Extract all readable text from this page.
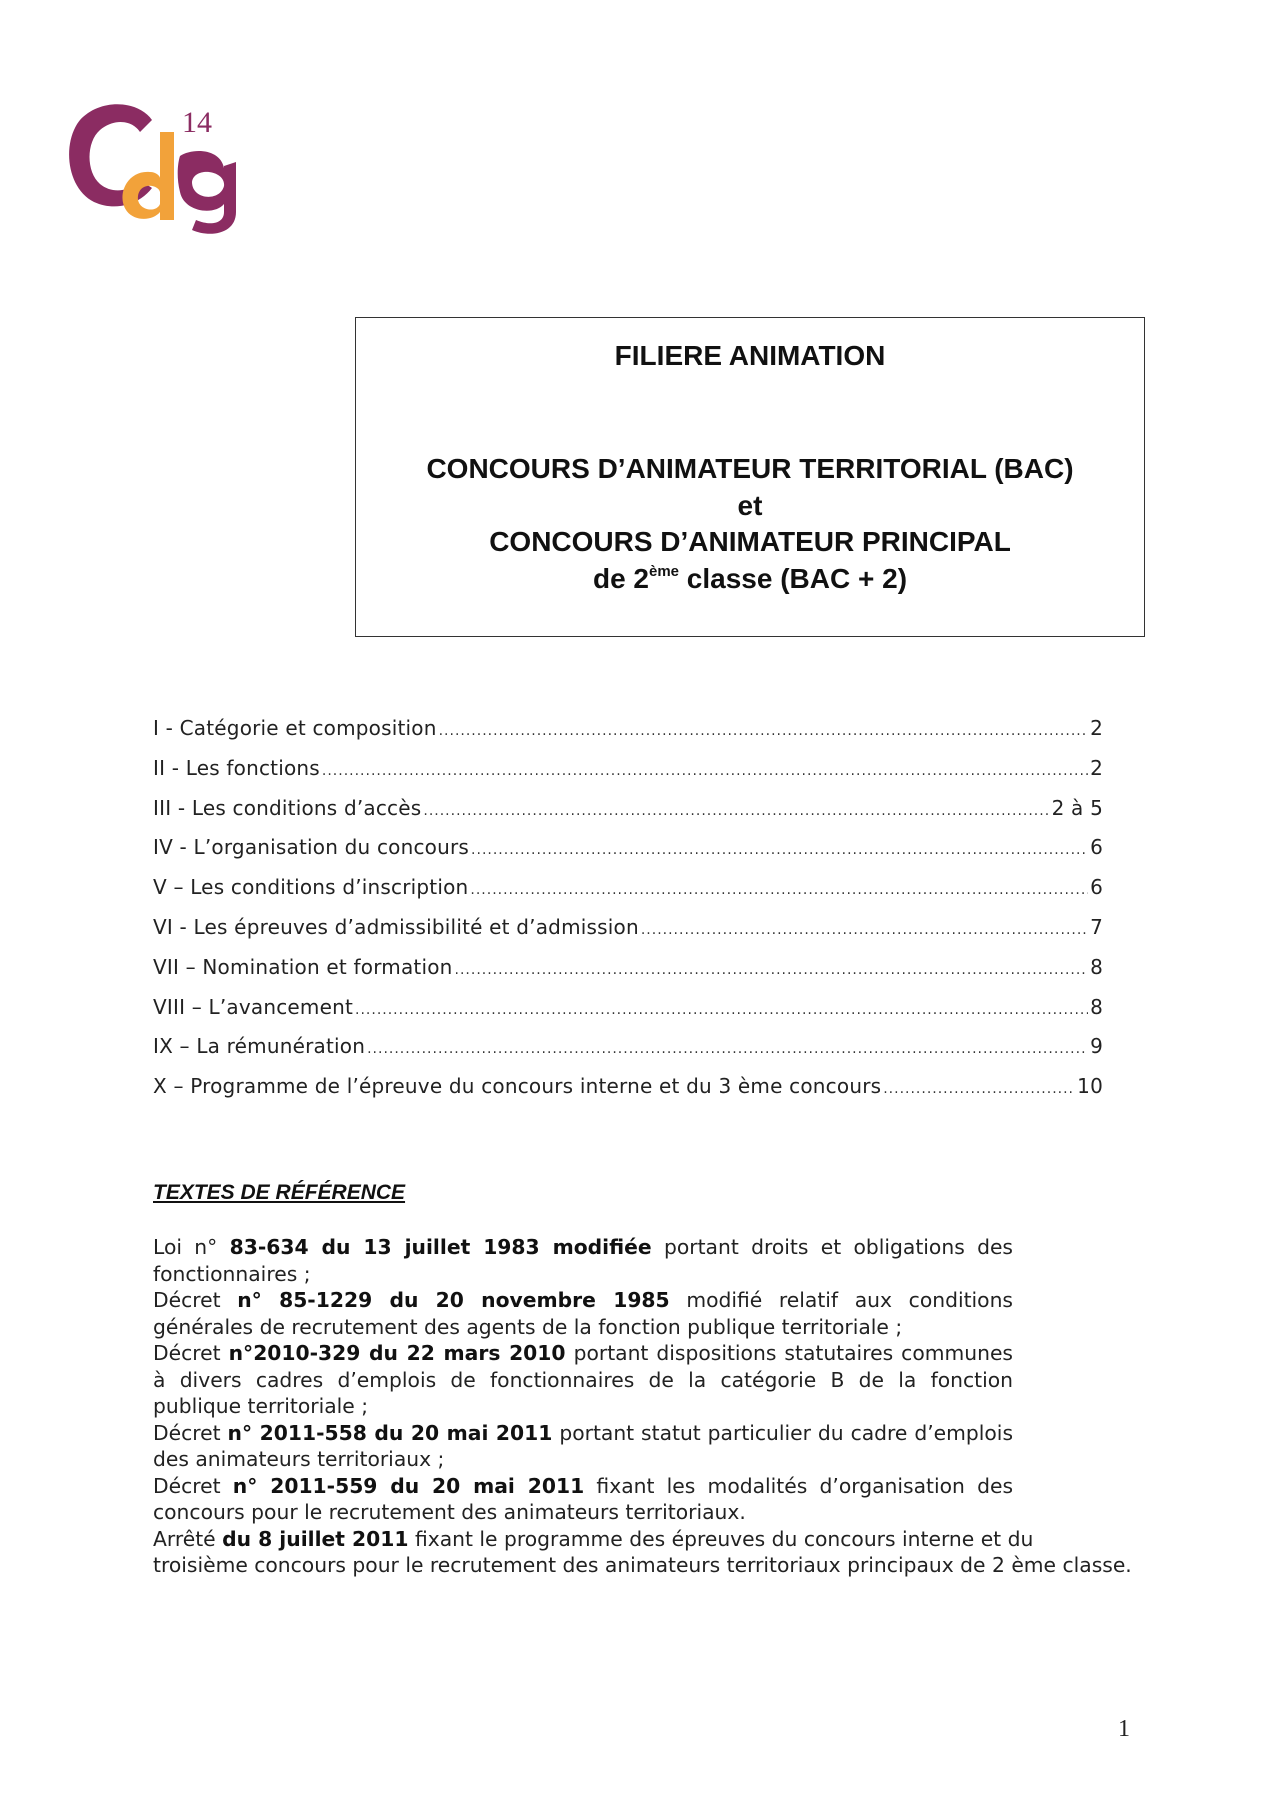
14
FILIERE ANIMATION
CONCOURS D’ANIMATEUR TERRITORIAL (BAC)
et
CONCOURS D’ANIMATEUR PRINCIPAL
de 2ème classe (BAC + 2)
I - Catégorie et composition .....	2
II - Les fonctions .....	2
III - Les conditions d’accès .....	2 à 5
IV - L’organisation du concours .....	6
V – Les conditions d’inscription .....	6
VI - Les épreuves d’admissibilité et d’admission .....	7
VII – Nomination et formation .....	8
VIII – L’avancement .....	8
IX – La rémunération .....	9
X – Programme de l’épreuve du concours interne et du 3 ème concours .....	10
TEXTES DE RÉFÉRENCE

Loi n° 83-634 du 13 juillet 1983 modifiée portant droits et obligations des fonctionnaires ;

Décret n° 85-1229 du 20 novembre 1985 modifié relatif aux conditions générales de recrutement des agents de la fonction publique territoriale ;

Décret n°2010-329 du 22 mars 2010 portant dispositions statutaires communes à divers cadres d’emplois de fonctionnaires de la catégorie B de la fonction publique territoriale ;

Décret n° 2011-558 du 20 mai 2011 portant statut particulier du cadre d’emplois des animateurs territoriaux ;

Décret n° 2011-559 du 20 mai 2011 fixant les modalités d’organisation des concours pour le recrutement des animateurs territoriaux.

Arrêté du 8 juillet 2011 fixant le programme des épreuves du concours interne et du troisième concours pour le recrutement des animateurs territoriaux principaux de 2 ème classe.

1
